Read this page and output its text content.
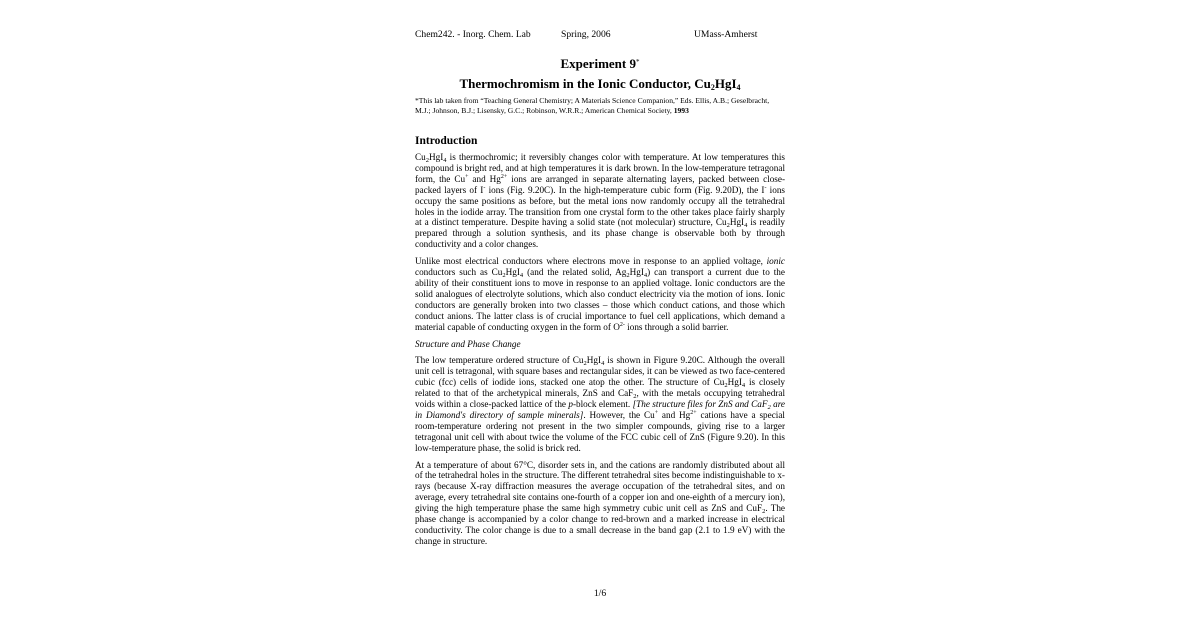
Chem242. - Inorg. Chem. Lab	Spring, 2006	UMass-Amherst
Experiment 9*
Thermochromism in the Ionic Conductor, $Cu_2HgI_4$
*This lab taken from “Teaching General Chemistry; A Materials Science Companion,” Eds. Ellis, A.B.; Geselbracht, M.J.; Johnson, B.J.; Lisensky, G.C.; Robinson, W.R.R.; American Chemical Society, 1993
Introduction

$Cu_2HgI_4$ is thermochromic; it reversibly changes color with temperature. At low temperatures this compound is bright red, and at high temperatures it is dark brown. In the low-temperature tetragonal form, the Cu+ and $Hg^{2+}$ ions are arranged in separate alternating layers, packed between close-packed layers of I- ions (Fig. 9.20C). In the high-temperature cubic form (Fig. 9.20D), the I- ions occupy the same positions as before, but the metal ions now randomly occupy all the tetrahedral holes in the iodide array. The transition from one crystal form to the other takes place fairly sharply at a distinct temperature. Despite having a solid state (not molecular) structure, $Cu_2HgI_4$ is readily prepared through a solution synthesis, and its phase change is observable both by through conductivity and a color changes.

Unlike most electrical conductors where electrons move in response to an applied voltage, ionic conductors such as $Cu_2HgI_4$ (and the related solid, $Ag_2HgI_4$) can transport a current due to the ability of their constituent ions to move in response to an applied voltage. Ionic conductors are the solid analogues of electrolyte solutions, which also conduct electricity via the motion of ions. Ionic conductors are generally broken into two classes – those which conduct cations, and those which conduct anions. The latter class is of crucial importance to fuel cell applications, which demand a material capable of conducting oxygen in the form of $O^{2-}$ ions through a solid barrier.

Structure and Phase Change

The low temperature ordered structure of $Cu_2HgI_4$ is shown in Figure 9.20C. Although the overall unit cell is tetragonal, with square bases and rectangular sides, it can be viewed as two face-centered cubic (fcc) cells of iodide ions, stacked one atop the other. The structure of $Cu_2HgI_4$ is closely related to that of the archetypical minerals, ZnS and CaF$_2$, with the metals occupying tetrahedral voids within a close-packed lattice of the p-block element. [The structure files for ZnS and CaF$_2$ are in Diamond's directory of sample minerals]. However, the Cu+ and $Hg^{2+}$ cations have a special room-temperature ordering not present in the two simpler compounds, giving rise to a larger tetragonal unit cell with about twice the volume of the FCC cubic cell of ZnS (Figure 9.20). In this low-temperature phase, the solid is brick red.

At a temperature of about 67°C, disorder sets in, and the cations are randomly distributed about all of the tetrahedral holes in the structure. The different tetrahedral sites become indistinguishable to x-rays (because X-ray diffraction measures the average occupation of the tetrahedral sites, and on average, every tetrahedral site contains one-fourth of a copper ion and one-eighth of a mercury ion), giving the high temperature phase the same high symmetry cubic unit cell as ZnS and CuF$_2$. The phase change is accompanied by a color change to red-brown and a marked increase in electrical conductivity. The color change is due to a small decrease in the band gap (2.1 to 1.9 eV) with the change in structure.

1/6
